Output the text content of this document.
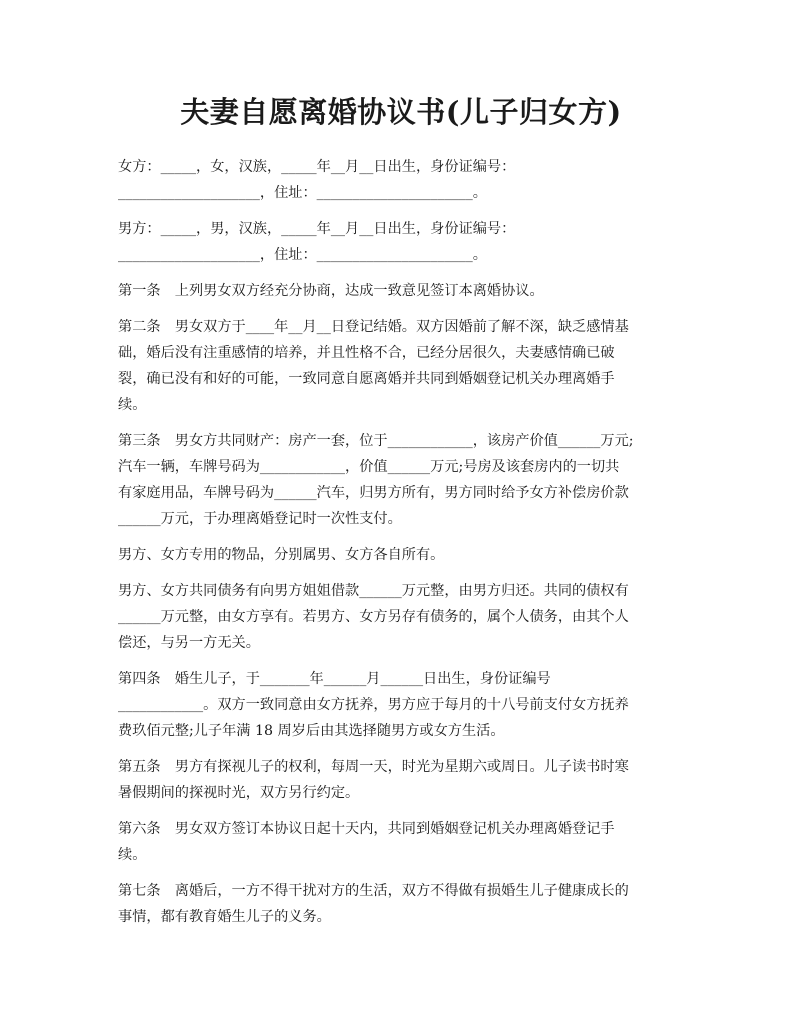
夫妻自愿离婚协议书(儿子归女方)

女方：_____，女，汉族，_____年__月__日出生，身份证编号：
____________________，住址：______________________。

男方：_____，男，汉族，_____年__月__日出生，身份证编号：
____________________，住址：______________________。

第一条　上列男女双方经充分协商，达成一致意见签订本离婚协议。

第二条　男女双方于____年__月__日登记结婚。双方因婚前了解不深，缺乏感情基
础，婚后没有注重感情的培养，并且性格不合，已经分居很久，夫妻感情确已破
裂，确已没有和好的可能，一致同意自愿离婚并共同到婚姻登记机关办理离婚手
续。

第三条　男女方共同财产：房产一套，位于____________，该房产价值______万元;
汽车一辆，车牌号码为____________，价值______万元;号房及该套房内的一切共
有家庭用品，车牌号码为______汽车，归男方所有，男方同时给予女方补偿房价款
______万元，于办理离婚登记时一次性支付。

男方、女方专用的物品，分别属男、女方各自所有。

男方、女方共同债务有向男方姐姐借款______万元整，由男方归还。共同的债权有
______万元整，由女方享有。若男方、女方另存有债务的，属个人债务，由其个人
偿还，与另一方无关。

第四条　婚生儿子，于_______年______月______日出生，身份证编号
____________。双方一致同意由女方抚养，男方应于每月的十八号前支付女方抚养
费玖佰元整;儿子年满 18 周岁后由其选择随男方或女方生活。

第五条　男方有探视儿子的权利，每周一天，时光为星期六或周日。儿子读书时寒
暑假期间的探视时光，双方另行约定。

第六条　男女双方签订本协议日起十天内，共同到婚姻登记机关办理离婚登记手
续。

第七条　离婚后，一方不得干扰对方的生活，双方不得做有损婚生儿子健康成长的
事情，都有教育婚生儿子的义务。
